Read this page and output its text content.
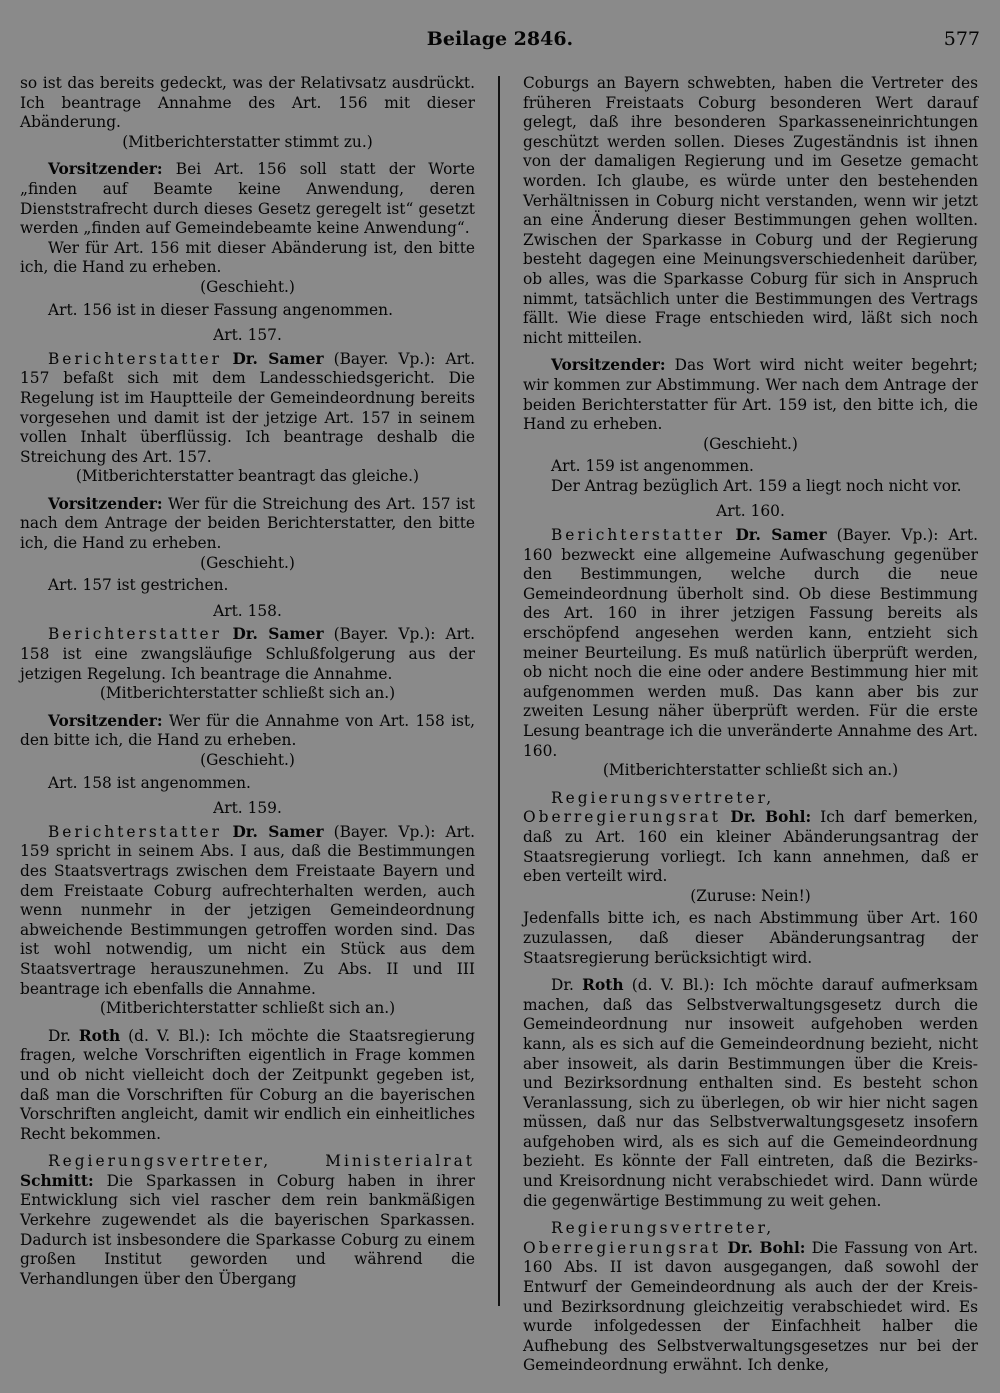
Beilage 2846.	577

so ist das bereits gedeckt, was der Relativsatz ausdrückt. Ich beantrage Annahme des Art. 156 mit dieser Abänderung.

(Mitberichterstatter stimmt zu.)

Vorsitzender: Bei Art. 156 soll statt der Worte „finden auf Beamte keine Anwendung, deren Dienststrafrecht durch dieses Gesetz geregelt ist“ gesetzt werden „finden auf Gemeindebeamte keine Anwendung“.

Wer für Art. 156 mit dieser Abänderung ist, den bitte ich, die Hand zu erheben.

(Geschieht.)

Art. 156 ist in dieser Fassung angenommen.

Art. 157.

Berichterstatter Dr. Samer (Bayer. Vp.): Art. 157 befaßt sich mit dem Landesschiedsgericht. Die Regelung ist im Hauptteile der Gemeindeordnung bereits vorgesehen und damit ist der jetzige Art. 157 in seinem vollen Inhalt überflüssig. Ich beantrage deshalb die Streichung des Art. 157.

(Mitberichterstatter beantragt das gleiche.)

Vorsitzender: Wer für die Streichung des Art. 157 ist nach dem Antrage der beiden Berichterstatter, den bitte ich, die Hand zu erheben.

(Geschieht.)

Art. 157 ist gestrichen.

Art. 158.

Berichterstatter Dr. Samer (Bayer. Vp.): Art. 158 ist eine zwangsläufige Schlußfolgerung aus der jetzigen Regelung. Ich beantrage die Annahme.

(Mitberichterstatter schließt sich an.)

Vorsitzender: Wer für die Annahme von Art. 158 ist, den bitte ich, die Hand zu erheben.

(Geschieht.)

Art. 158 ist angenommen.

Art. 159.

Berichterstatter Dr. Samer (Bayer. Vp.): Art. 159 spricht in seinem Abs. I aus, daß die Bestimmungen des Staatsvertrags zwischen dem Freistaate Bayern und dem Freistaate Coburg aufrechterhalten werden, auch wenn nunmehr in der jetzigen Gemeindeordnung abweichende Bestimmungen getroffen worden sind. Das ist wohl notwendig, um nicht ein Stück aus dem Staatsvertrage herauszunehmen. Zu Abs. II und III beantrage ich ebenfalls die Annahme.

(Mitberichterstatter schließt sich an.)

Dr. Roth (d. V. Bl.): Ich möchte die Staatsregierung fragen, welche Vorschriften eigentlich in Frage kommen und ob nicht vielleicht doch der Zeitpunkt gegeben ist, daß man die Vorschriften für Coburg an die bayerischen Vorschriften angleicht, damit wir endlich ein einheitliches Recht bekommen.

Regierungsvertreter, Ministerialrat Schmitt: Die Sparkassen in Coburg haben in ihrer Entwicklung sich viel rascher dem rein bankmäßigen Verkehre zugewendet als die bayerischen Sparkassen. Dadurch ist insbesondere die Sparkasse Coburg zu einem großen Institut geworden und während die Verhandlungen über den Übergang

Coburgs an Bayern schwebten, haben die Vertreter des früheren Freistaats Coburg besonderen Wert darauf gelegt, daß ihre besonderen Sparkasseneinrichtungen geschützt werden sollen. Dieses Zugeständnis ist ihnen von der damaligen Regierung und im Gesetze gemacht worden. Ich glaube, es würde unter den bestehenden Verhältnissen in Coburg nicht verstanden, wenn wir jetzt an eine Änderung dieser Bestimmungen gehen wollten. Zwischen der Sparkasse in Coburg und der Regierung besteht dagegen eine Meinungsverschiedenheit darüber, ob alles, was die Sparkasse Coburg für sich in Anspruch nimmt, tatsächlich unter die Bestimmungen des Vertrags fällt. Wie diese Frage entschieden wird, läßt sich noch nicht mitteilen.

Vorsitzender: Das Wort wird nicht weiter begehrt; wir kommen zur Abstimmung. Wer nach dem Antrage der beiden Berichterstatter für Art. 159 ist, den bitte ich, die Hand zu erheben.

(Geschieht.)

Art. 159 ist angenommen.

Der Antrag bezüglich Art. 159 a liegt noch nicht vor.

Art. 160.

Berichterstatter Dr. Samer (Bayer. Vp.): Art. 160 bezweckt eine allgemeine Aufwaschung gegenüber den Bestimmungen, welche durch die neue Gemeindeordnung überholt sind. Ob diese Bestimmung des Art. 160 in ihrer jetzigen Fassung bereits als erschöpfend angesehen werden kann, entzieht sich meiner Beurteilung. Es muß natürlich überprüft werden, ob nicht noch die eine oder andere Bestimmung hier mit aufgenommen werden muß. Das kann aber bis zur zweiten Lesung näher überprüft werden. Für die erste Lesung beantrage ich die unveränderte Annahme des Art. 160.

(Mitberichterstatter schließt sich an.)

Regierungsvertreter, Oberregierungsrat Dr. Bohl: Ich darf bemerken, daß zu Art. 160 ein kleiner Abänderungsantrag der Staatsregierung vorliegt. Ich kann annehmen, daß er eben verteilt wird.

(Zuruse: Nein!)

Jedenfalls bitte ich, es nach Abstimmung über Art. 160 zuzulassen, daß dieser Abänderungsantrag der Staatsregierung berücksichtigt wird.

Dr. Roth (d. V. Bl.): Ich möchte darauf aufmerksam machen, daß das Selbstverwaltungsgesetz durch die Gemeindeordnung nur insoweit aufgehoben werden kann, als es sich auf die Gemeindeordnung bezieht, nicht aber insoweit, als darin Bestimmungen über die Kreis- und Bezirksordnung enthalten sind. Es besteht schon Veranlassung, sich zu überlegen, ob wir hier nicht sagen müssen, daß nur das Selbstverwaltungsgesetz insofern aufgehoben wird, als es sich auf die Gemeindeordnung bezieht. Es könnte der Fall eintreten, daß die Bezirks- und Kreisordnung nicht verabschiedet wird. Dann würde die gegenwärtige Bestimmung zu weit gehen.

Regierungsvertreter, Oberregierungsrat Dr. Bohl: Die Fassung von Art. 160 Abs. II ist davon ausgegangen, daß sowohl der Entwurf der Gemeindeordnung als auch der der Kreis- und Bezirksordnung gleichzeitig verabschiedet wird. Es wurde infolgedessen der Einfachheit halber die Aufhebung des Selbstverwaltungsgesetzes nur bei der Gemeindeordnung erwähnt. Ich denke,
